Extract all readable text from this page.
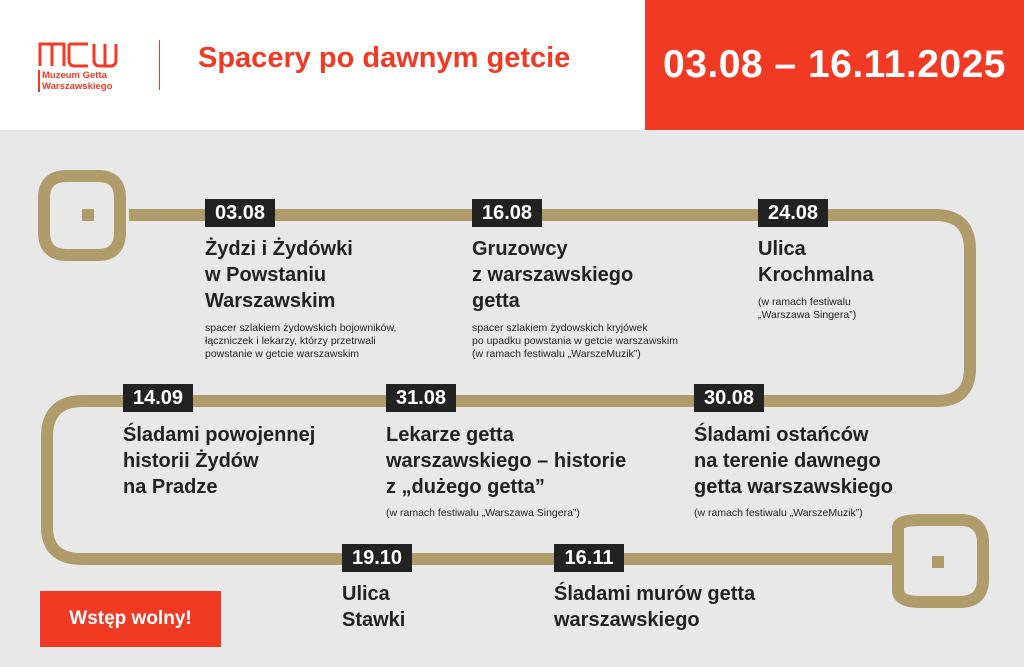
03.08 – 16.11.2025
Muzeum Getta
Warszawskiego
Spacery po dawnym getcie
03.08
Żydzi i Żydówki
w Powstaniu
Warszawskim
spacer szlakiem żydowskich bojowników,
łączniczek i lekarzy, którzy przetrwali
powstanie w getcie warszawskim
16.08
Gruzowcy
z warszawskiego
getta
spacer szlakiem żydowskich kryjówek
po upadku powstania w getcie warszawskim
(w ramach festiwalu „WarszeMuzik”)
24.08
Ulica
Krochmalna
(w ramach festiwalu
„Warszawa Singera”)
14.09
Śladami powojennej
historii Żydów
na Pradze
31.08
Lekarze getta
warszawskiego – historie
z „dużego getta”
(w ramach festiwalu „Warszawa Singera”)
30.08
Śladami ostańców
na terenie dawnego
getta warszawskiego
(w ramach festiwalu „WarszeMuzik”)
19.10
Ulica
Stawki
16.11
Śladami murów getta
warszawskiego
Wstęp wolny!
